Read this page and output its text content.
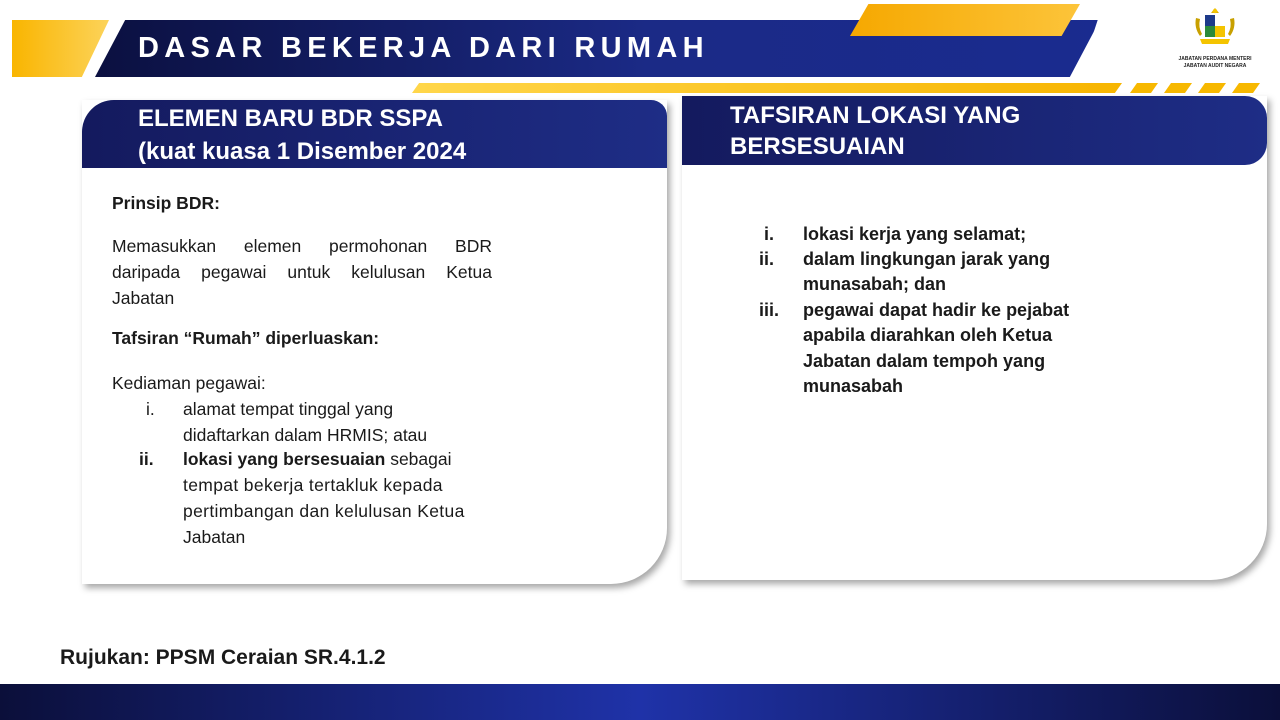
DASAR BEKERJA DARI RUMAH	JABATAN PERDANA MENTERI
JABATAN AUDIT NEGARA
ELEMEN BARU BDR SSPA
(kuat kuasa 1 Disember 2024
Prinsip BDR:
Memasukkan elemen permohonan BDR daripada pegawai untuk kelulusan Ketua Jabatan
Tafsiran “Rumah” diperluaskan:
Kediaman pegawai:
i. alamat tempat tinggal yang
didaftarkan dalam HRMIS; atau
ii. lokasi yang bersesuaian sebagai
tempat bekerja tertakluk kepada
pertimbangan dan kelulusan Ketua
Jabatan
TAFSIRAN LOKASI YANG
BERSESUAIAN
i. lokasi kerja yang selamat;
ii. dalam lingkungan jarak yang
munasabah; dan
iii. pegawai dapat hadir ke pejabat
apabila diarahkan oleh Ketua
Jabatan dalam tempoh yang
munasabah
Rujukan: PPSM Ceraian SR.4.1.2
